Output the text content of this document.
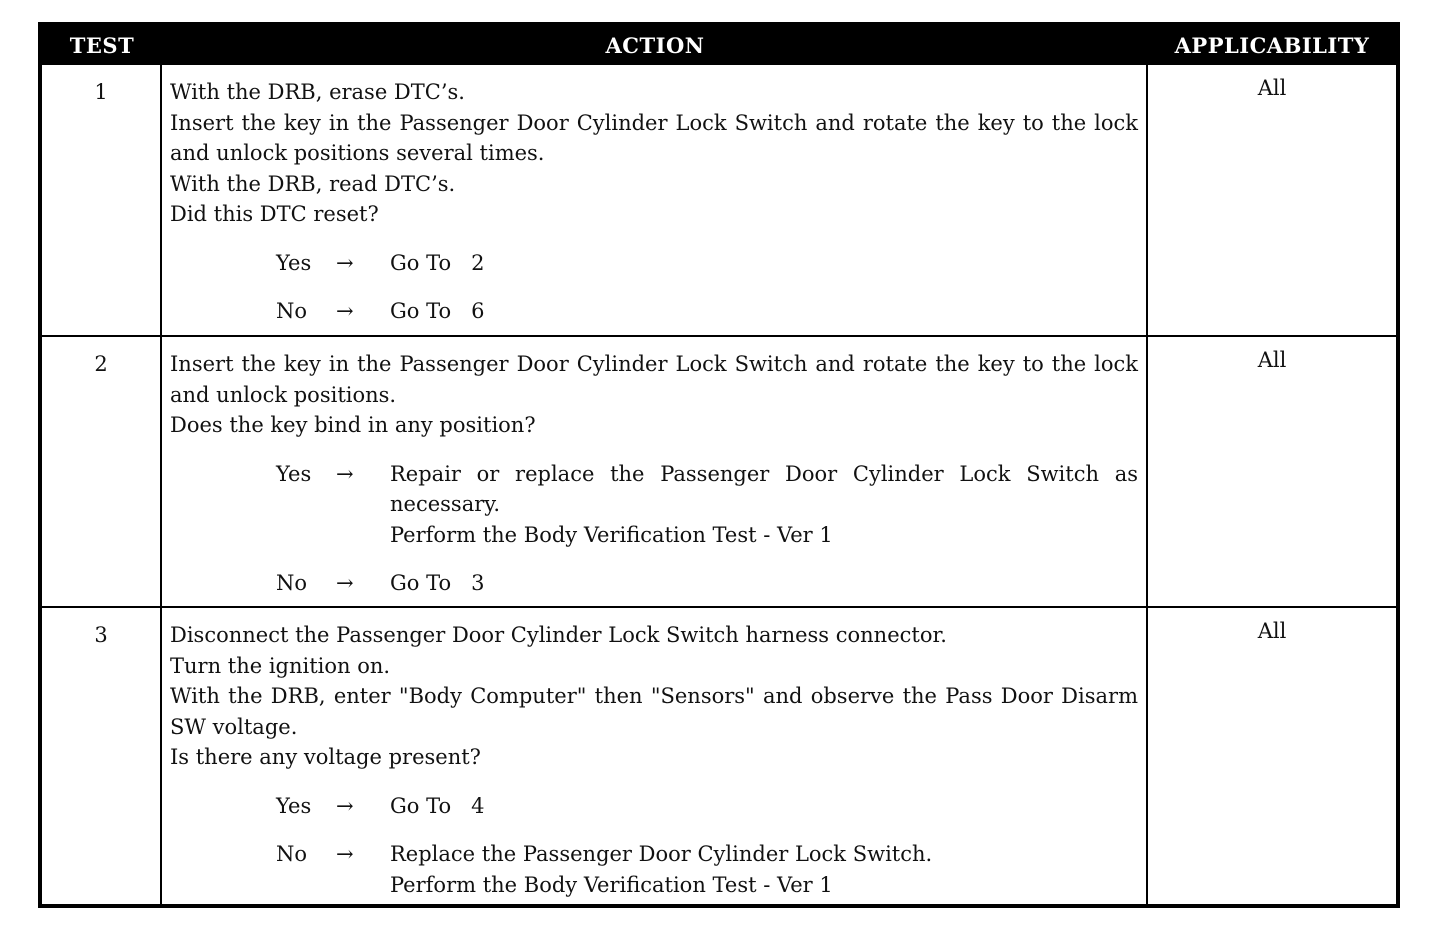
TEST	ACTION	APPLICABILITY
1	With the DRB, erase DTC’s.
Insert the key in the Passenger Door Cylinder Lock Switch and rotate the key to the lock and unlock positions several times.
With the DRB, read DTC’s.
Did this DTC reset?
Yes	→	Go To   2
No	→	Go To   6
All
2	Insert the key in the Passenger Door Cylinder Lock Switch and rotate the key to the lock and unlock positions.
Does the key bind in any position?
Yes	→	Repair or replace the Passenger Door Cylinder Lock Switch as necessary.
Perform the Body Verification Test - Ver 1
No	→	Go To   3
All
3	Disconnect the Passenger Door Cylinder Lock Switch harness connector.
Turn the ignition on.
With the DRB, enter "Body Computer" then "Sensors" and observe the Pass Door Disarm SW voltage.
Is there any voltage present?
Yes	→	Go To   4
No	→	Replace the Passenger Door Cylinder Lock Switch.
Perform the Body Verification Test - Ver 1
All
